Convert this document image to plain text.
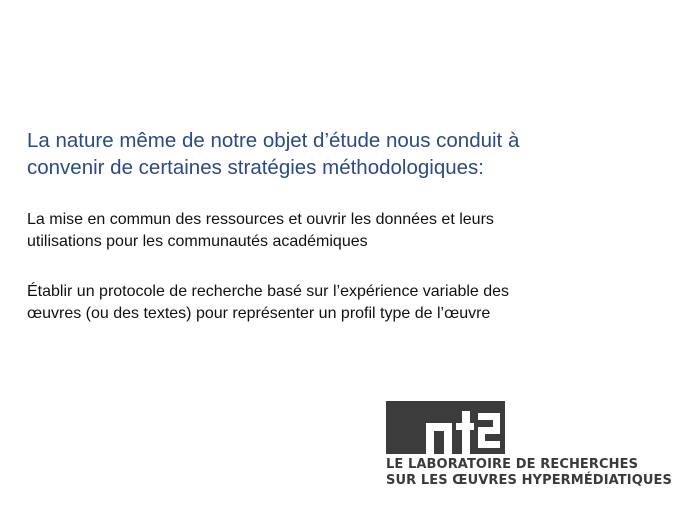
La nature même de notre objet d’étude nous conduit à
convenir de certaines stratégies méthodologiques:

La mise en commun des ressources et ouvrir les données et leurs
utilisations pour les communautés académiques

Établir un protocole de recherche basé sur l’expérience variable des
œuvres (ou des textes) pour représenter un profil type de l’œuvre

LE LABORATOIRE DE RECHERCHES
SUR LES ŒUVRES HYPERMÉDIATIQUES
